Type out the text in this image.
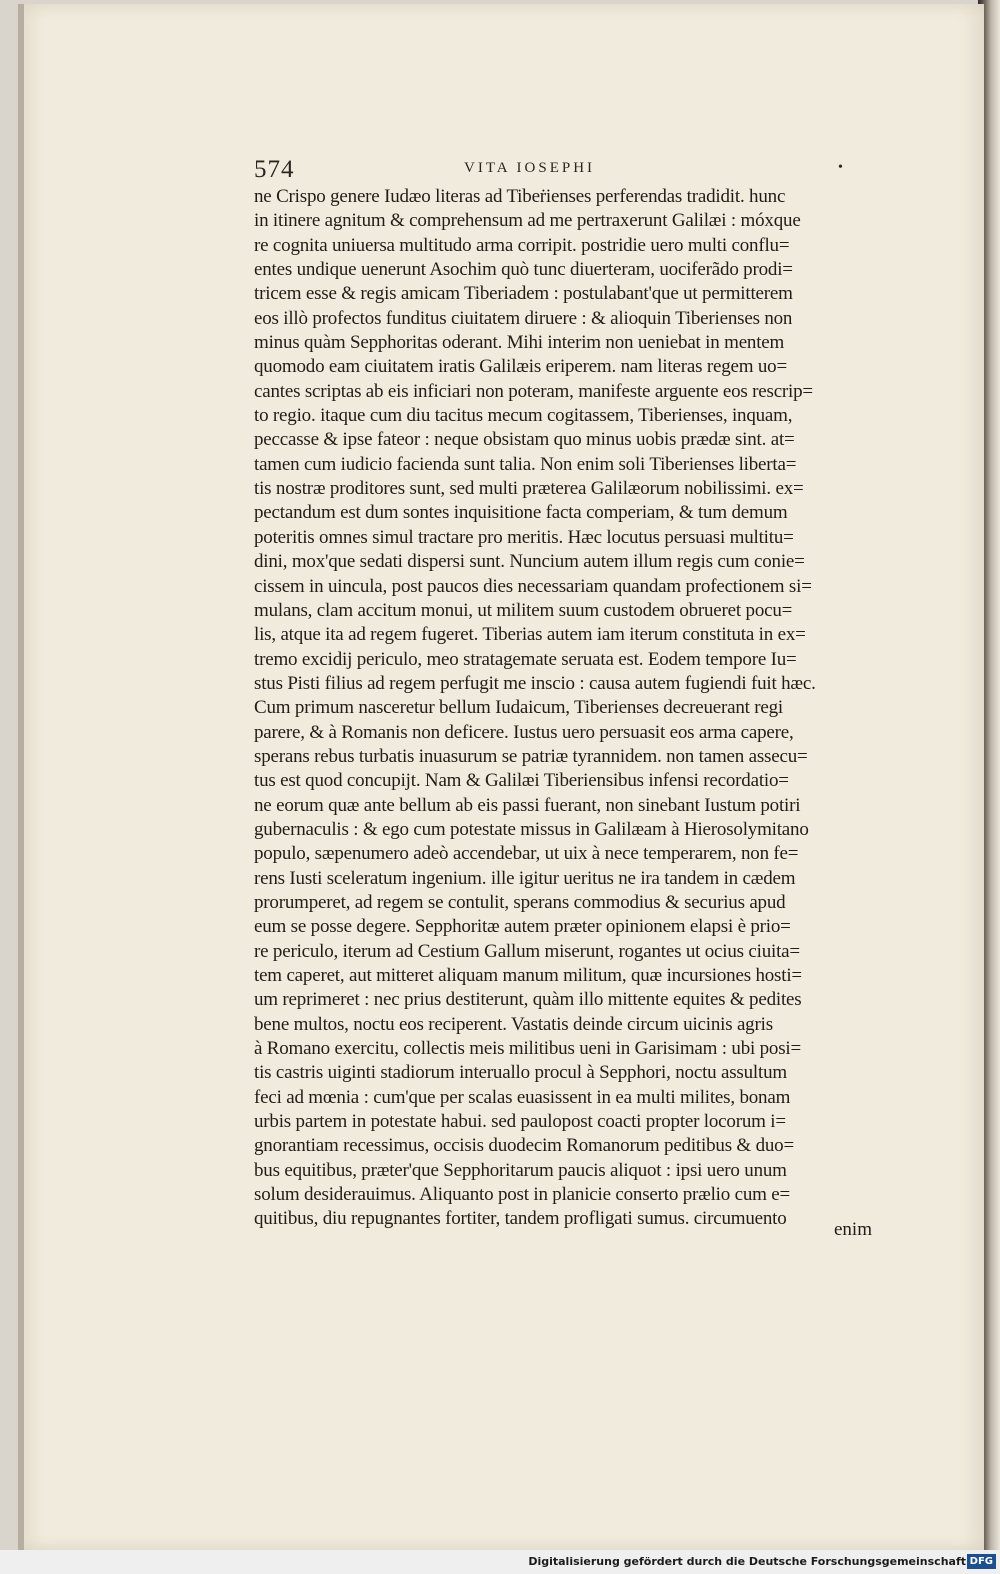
574	VITA IOSEPHI	•
ne Crispo genere Iudæo literas ad Tibeṙienses perferendas tradidit. hunc
in itinere agnitum & comprehensum ad me pertraxerunt Galilæi : móxque
re cognita uniuersa multitudo arma corripit. postridie uero multi conflu=
entes undique uenerunt Asochim quò tunc diuerteram, uociferãdo prodi=
tricem esse & regis amicam Tiberiadem : postulabant'que ut permitterem
eos illò profectos funditus ciuitatem diruere : & alioquin Tiberienses non
minus quàm Sepphoritas oderant. Mihi interim non ueniebat in mentem
quomodo eam ciuitatem iratis Galilæis eriperem. nam literas regem uo=
cantes scriptas ab eis inficiari non poteram, manifeste arguente eos rescrip=
to regio. itaque cum diu tacitus mecum cogitassem, Tiberienses, inquam,
peccasse & ipse fateor : neque obsistam quo minus uobis prædæ sint. at=
tamen cum iudicio facienda sunt talia. Non enim soli Tiberienses liberta=
tis nostræ proditores sunt, sed multi præterea Galilæorum nobilissimi. ex=
pectandum est dum sontes inquisitione facta comperiam, & tum demum
poteritis omnes simul tractare pro meritis. Hæc locutus persuasi multitu=
dini, mox'que sedati dispersi sunt. Nuncium autem illum regis cum conie=
cissem in uincula, post paucos dies necessariam quandam profectionem si=
mulans, clam accitum monui, ut militem suum custodem obrueret pocu=
lis, atque ita ad regem fugeret. Tiberias autem iam iterum constituta in ex=
tremo excidij periculo, meo stratagemate seruata est. Eodem tempore Iu=
stus Pisti filius ad regem perfugit me inscio : causa autem fugiendi fuit hæc.
Cum primum nasceretur bellum Iudaicum, Tiberienses decreuerant regi
parere, & à Romanis non deficere. Iustus uero persuasit eos arma capere,
sperans rebus turbatis inuasurum se patriæ tyrannidem. non tamen assecu=
tus est quod concupijt. Nam & Galilæi Tiberiensibus infensi recordatio=
ne eorum quæ ante bellum ab eis passi fuerant, non sinebant Iustum potiri
gubernaculis : & ego cum potestate missus in Galilæam à Hierosolymitano
populo, sæpenumero adeò accendebar, ut uix à nece temperarem, non fe=
rens Iusti sceleratum ingenium. ille igitur ueritus ne ira tandem in cædem
prorumperet, ad regem se contulit, sperans commodius & securius apud
eum se posse degere. Sepphoritæ autem præter opinionem elapsi è prio=
re periculo, iterum ad Cestium Gallum miserunt, rogantes ut ocius ciuita=
tem caperet, aut mitteret aliquam manum militum, quæ incursiones hosti=
um reprimeret : nec prius destiterunt, quàm illo mittente equites & pedites
bene multos, noctu eos reciperent. Vastatis deinde circum uicinis agris
à Romano exercitu, collectis meis militibus ueni in Garisimam : ubi posi=
tis castris uiginti stadiorum interuallo procul à Sepphori, noctu assultum
feci ad mœnia : cum'que per scalas euasissent in ea multi milites, bonam
urbis partem in potestate habui. sed paulopost coacti propter locorum i=
gnorantiam recessimus, occisis duodecim Romanorum peditibus & duo=
bus equitibus, præter'que Sepphoritarum paucis aliquot : ipsi uero unum
solum desiderauimus. Aliquanto post in planicie conserto prælio cum e=
quitibus, diu repugnantes fortiter, tandem profligati sumus. circumuento
enim
Digitalisierung gefördert durch die Deutsche Forschungsgemeinschaft DFG
